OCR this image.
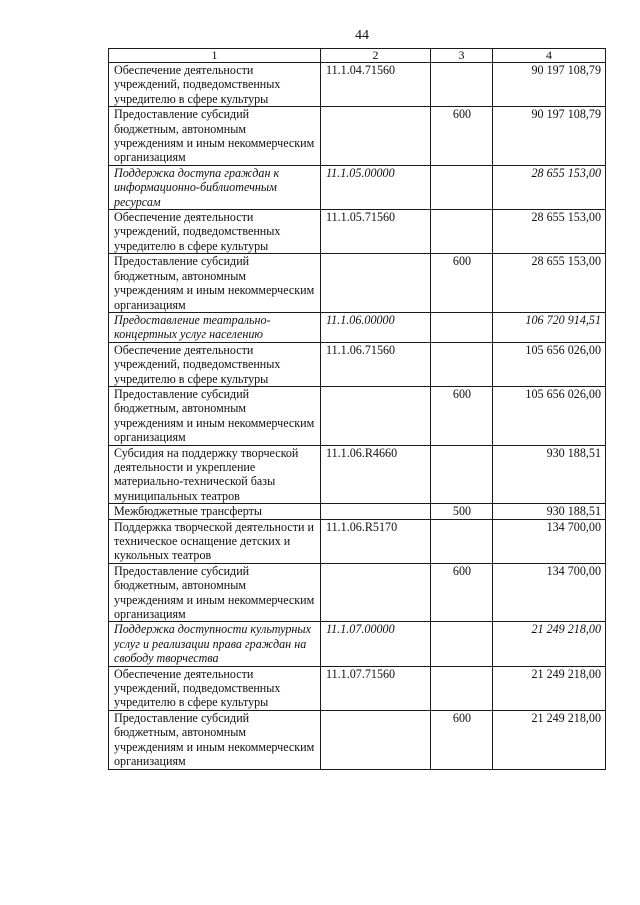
44
1	2	3	4
Обеспечение деятельности учреждений, подведомственных учредителю в сфере культуры	11.1.04.71560		90 197 108,79
Предоставление субсидий бюджетным, автономным учреждениям и иным некоммерческим организациям		600	90 197 108,79
Поддержка доступа граждан к информационно-библиотечным ресурсам	11.1.05.00000		28 655 153,00
Обеспечение деятельности учреждений, подведомственных учредителю в сфере культуры	11.1.05.71560		28 655 153,00
Предоставление субсидий бюджетным, автономным учреждениям и иным некоммерческим организациям		600	28 655 153,00
Предоставление театрально-концертных услуг населению	11.1.06.00000		106 720 914,51
Обеспечение деятельности учреждений, подведомственных учредителю в сфере культуры	11.1.06.71560		105 656 026,00
Предоставление субсидий бюджетным, автономным учреждениям и иным некоммерческим организациям		600	105 656 026,00
Субсидия на поддержку творческой деятельности и укрепление материально-технической базы муниципальных театров	11.1.06.R4660		930 188,51
Межбюджетные трансферты		500	930 188,51
Поддержка творческой деятельности и техническое оснащение детских и кукольных театров	11.1.06.R5170		134 700,00
Предоставление субсидий бюджетным, автономным учреждениям и иным некоммерческим организациям		600	134 700,00
Поддержка доступности культурных услуг и реализации права граждан на свободу творчества	11.1.07.00000		21 249 218,00
Обеспечение деятельности учреждений, подведомственных учредителю в сфере культуры	11.1.07.71560		21 249 218,00
Предоставление субсидий бюджетным, автономным учреждениям и иным некоммерческим организациям		600	21 249 218,00
